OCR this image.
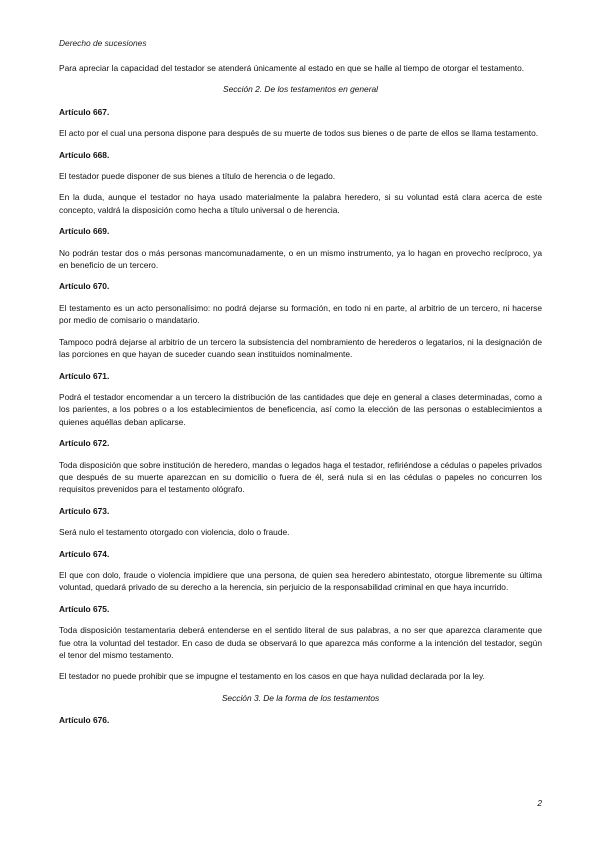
Derecho de sucesiones

Para apreciar la capacidad del testador se atenderá únicamente al estado en que se halle al tiempo de otorgar el testamento.

Sección 2. De los testamentos en general

Artículo 667.

El acto por el cual una persona dispone para después de su muerte de todos sus bienes o de parte de ellos se llama testamento.

Artículo 668.

El testador puede disponer de sus bienes a título de herencia o de legado.

En la duda, aunque el testador no haya usado materialmente la palabra heredero, si su voluntad está clara acerca de este concepto, valdrá la disposición como hecha a título universal o de herencia.

Artículo 669.

No podrán testar dos o más personas mancomunadamente, o en un mismo instrumento, ya lo hagan en provecho recíproco, ya en beneficio de un tercero.

Artículo 670.

El testamento es un acto personalísimo: no podrá dejarse su formación, en todo ni en parte, al arbitrio de un tercero, ni hacerse por medio de comisario o mandatario.

Tampoco podrá dejarse al arbitrio de un tercero la subsistencia del nombramiento de herederos o legatarios, ni la designación de las porciones en que hayan de suceder cuando sean instituidos nominalmente.

Artículo 671.

Podrá el testador encomendar a un tercero la distribución de las cantidades que deje en general a clases determinadas, como a los parientes, a los pobres o a los establecimientos de beneficencia, así como la elección de las personas o establecimientos a quienes aquéllas deban aplicarse.

Artículo 672.

Toda disposición que sobre institución de heredero, mandas o legados haga el testador, refiriéndose a cédulas o papeles privados que después de su muerte aparezcan en su domicilio o fuera de él, será nula si en las cédulas o papeles no concurren los requisitos prevenidos para el testamento ológrafo.

Artículo 673.

Será nulo el testamento otorgado con violencia, dolo o fraude.

Artículo 674.

El que con dolo, fraude o violencia impidiere que una persona, de quien sea heredero abintestato, otorgue libremente su última voluntad, quedará privado de su derecho a la herencia, sin perjuicio de la responsabilidad criminal en que haya incurrido.

Artículo 675.

Toda disposición testamentaria deberá entenderse en el sentido literal de sus palabras, a no ser que aparezca claramente que fue otra la voluntad del testador. En caso de duda se observará lo que aparezca más conforme a la intención del testador, según el tenor del mismo testamento.

El testador no puede prohibir que se impugne el testamento en los casos en que haya nulidad declarada por la ley.

Sección 3. De la forma de los testamentos

Artículo 676.

2
